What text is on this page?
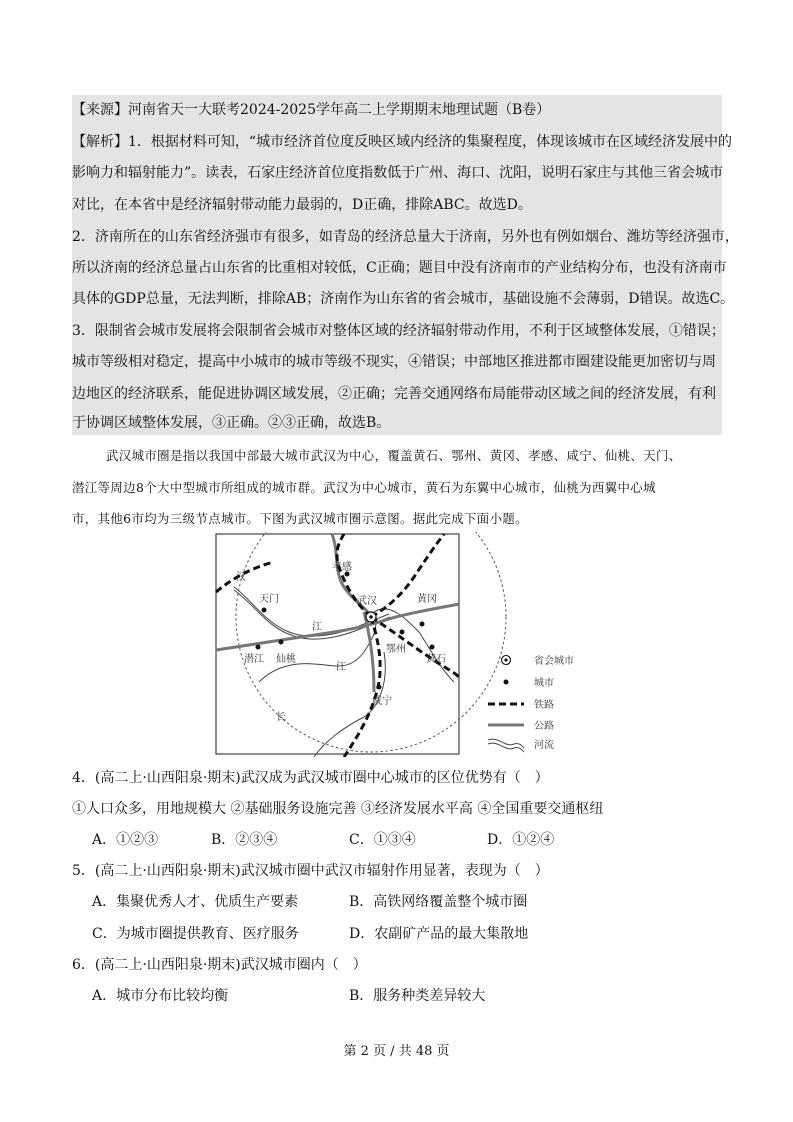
【来源】河南省天一大联考2024-2025学年高二上学期期末地理试题（B卷）
【解析】1．根据材料可知，“城市经济首位度反映区域内经济的集聚程度，体现该城市在区域经济发展中的
影响力和辐射能力”。读表，石家庄经济首位度指数低于广州、海口、沈阳，说明石家庄与其他三省会城市
对比，在本省中是经济辐射带动能力最弱的，D正确，排除ABC。故选D。
2．济南所在的山东省经济强市有很多，如青岛的经济总量大于济南，另外也有例如烟台、潍坊等经济强市，
所以济南的经济总量占山东省的比重相对较低，C正确；题目中没有济南市的产业结构分布，也没有济南市
具体的GDP总量，无法判断，排除AB；济南作为山东省的省会城市，基础设施不会薄弱，D错误。故选C。
3．限制省会城市发展将会限制省会城市对整体区域的经济辐射带动作用，不利于区域整体发展，①错误；
城市等级相对稳定，提高中小城市的城市等级不现实，④错误；中部地区推进都市圈建设能更加密切与周
边地区的经济联系，能促进协调区域发展，②正确；完善交通网络布局能带动区域之间的经济发展，有利
于协调区域整体发展，③正确。②③正确，故选B。
武汉城市圈是指以我国中部最大城市武汉为中心，覆盖黄石、鄂州、黄冈、孝感、咸宁、仙桃、天门、
潜江等周边8个大中型城市所组成的城市群。武汉为中心城市，黄石为东翼中心城市，仙桃为西翼中心城
市，其他6市均为三级节点城市。下图为武汉城市圈示意图。据此完成下面小题。
汉
江
江
长
天门
孝感
武汉	黄冈
潜江 仙桃
鄂州
黄石
咸宁
省会城市
城市
铁路
公路
河流
4．(高二上·山西阳泉·期末)武汉成为武汉城市圈中心城市的区位优势有（　）
①人口众多，用地规模大 ②基础服务设施完善 ③经济发展水平高 ④全国重要交通枢纽
A．①②③	B．②③④	C．①③④	D．①②④
5．(高二上·山西阳泉·期末)武汉城市圈中武汉市辐射作用显著，表现为（　）
A．集聚优秀人才、优质生产要素	B．高铁网络覆盖整个城市圈
C．为城市圈提供教育、医疗服务	D．农副矿产品的最大集散地
6．(高二上·山西阳泉·期末)武汉城市圈内（　）
A．城市分布比较均衡	B．服务种类差异较大
第 2 页 / 共 48 页
